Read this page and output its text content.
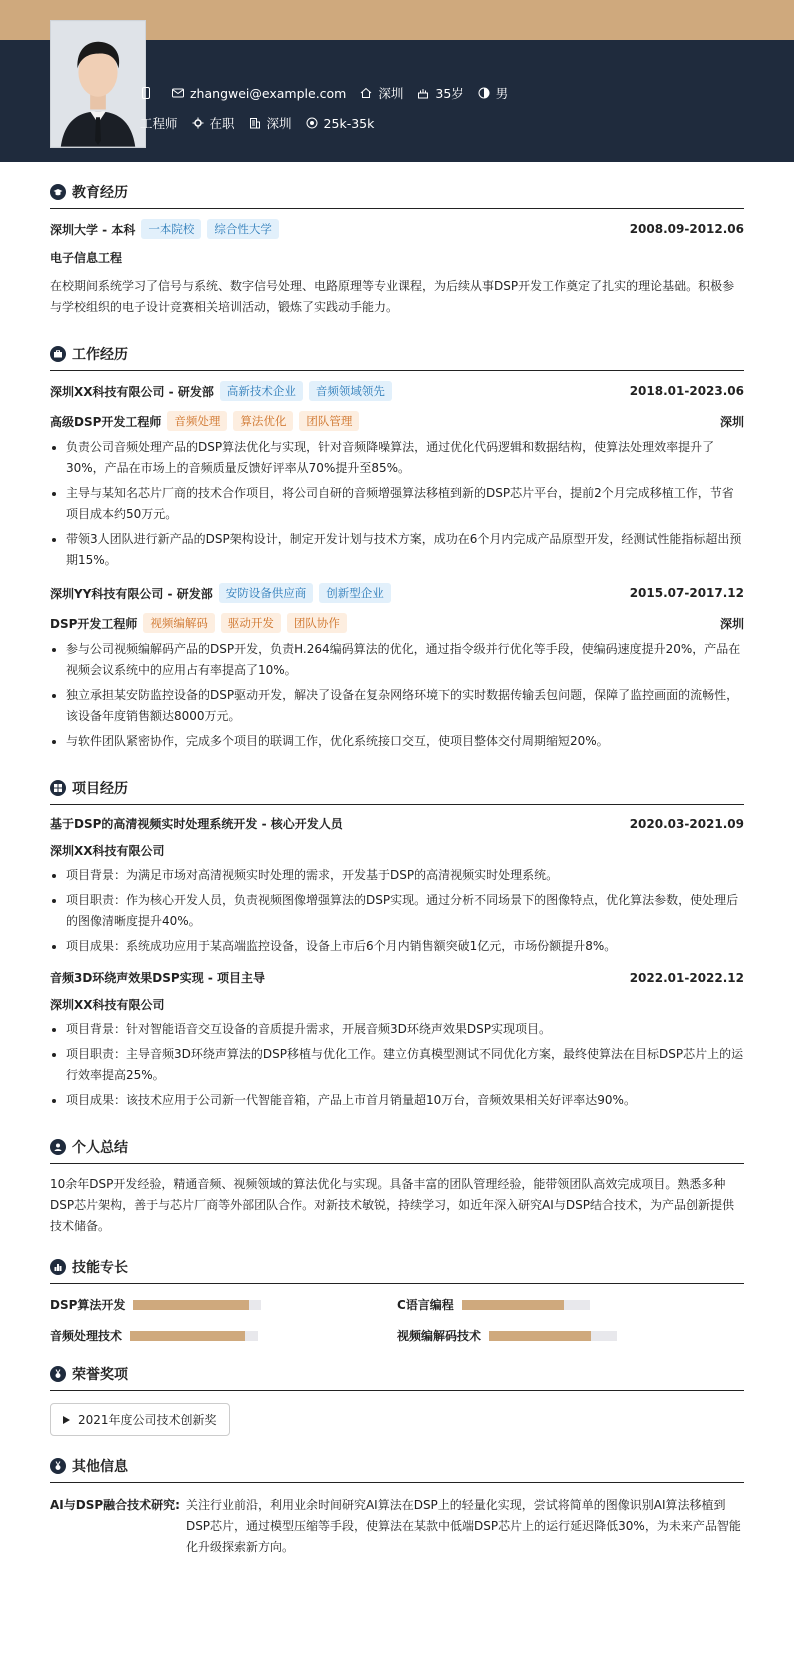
zhangwei@example.com	深圳	35岁	男
工程师	在职	深圳	25k-35k
教育经历
深圳大学 - 本科	一本院校	综合性大学	2008.09-2012.06
电子信息工程
在校期间系统学习了信号与系统、数字信号处理、电路原理等专业课程，为后续从事DSP开发工作奠定了扎实的理论基础。积极参与学校组织的电子设计竞赛相关培训活动，锻炼了实践动手能力。
工作经历
深圳XX科技有限公司 - 研发部	高新技术企业	音频领域领先	2018.01-2023.06
高级DSP开发工程师	音频处理	算法优化	团队管理	深圳
负责公司音频处理产品的DSP算法优化与实现，针对音频降噪算法，通过优化代码逻辑和数据结构，使算法处理效率提升了30%，产品在市场上的音频质量反馈好评率从70%提升至85%。
主导与某知名芯片厂商的技术合作项目，将公司自研的音频增强算法移植到新的DSP芯片平台，提前2个月完成移植工作，节省项目成本约50万元。
带领3人团队进行新产品的DSP架构设计，制定开发计划与技术方案，成功在6个月内完成产品原型开发，经测试性能指标超出预期15%。
深圳YY科技有限公司 - 研发部	安防设备供应商	创新型企业	2015.07-2017.12
DSP开发工程师	视频编解码	驱动开发	团队协作	深圳
参与公司视频编解码产品的DSP开发，负责H.264编码算法的优化，通过指令级并行优化等手段，使编码速度提升20%，产品在视频会议系统中的应用占有率提高了10%。
独立承担某安防监控设备的DSP驱动开发，解决了设备在复杂网络环境下的实时数据传输丢包问题，保障了监控画面的流畅性，该设备年度销售额达8000万元。
与软件团队紧密协作，完成多个项目的联调工作，优化系统接口交互，使项目整体交付周期缩短20%。
项目经历
基于DSP的高清视频实时处理系统开发 - 核心开发人员	2020.03-2021.09
深圳XX科技有限公司
项目背景：为满足市场对高清视频实时处理的需求，开发基于DSP的高清视频实时处理系统。
项目职责：作为核心开发人员，负责视频图像增强算法的DSP实现。通过分析不同场景下的图像特点，优化算法参数，使处理后的图像清晰度提升40%。
项目成果：系统成功应用于某高端监控设备，设备上市后6个月内销售额突破1亿元，市场份额提升8%。
音频3D环绕声效果DSP实现 - 项目主导	2022.01-2022.12
深圳XX科技有限公司
项目背景：针对智能语音交互设备的音质提升需求，开展音频3D环绕声效果DSP实现项目。
项目职责：主导音频3D环绕声算法的DSP移植与优化工作。建立仿真模型测试不同优化方案，最终使算法在目标DSP芯片上的运行效率提高25%。
项目成果：该技术应用于公司新一代智能音箱，产品上市首月销量超10万台，音频效果相关好评率达90%。
个人总结
10余年DSP开发经验，精通音频、视频领域的算法优化与实现。具备丰富的团队管理经验，能带领团队高效完成项目。熟悉多种DSP芯片架构，善于与芯片厂商等外部团队合作。对新技术敏锐，持续学习，如近年深入研究AI与DSP结合技术，为产品创新提供技术储备。
技能专长
DSP算法开发	C语言编程
音频处理技术	视频编解码技术
荣誉奖项
2021年度公司技术创新奖
其他信息
AI与DSP融合技术研究: 关注行业前沿，利用业余时间研究AI算法在DSP上的轻量化实现，尝试将简单的图像识别AI算法移植到DSP芯片，通过模型压缩等手段，使算法在某款中低端DSP芯片上的运行延迟降低30%，为未来产品智能化升级探索新方向。
